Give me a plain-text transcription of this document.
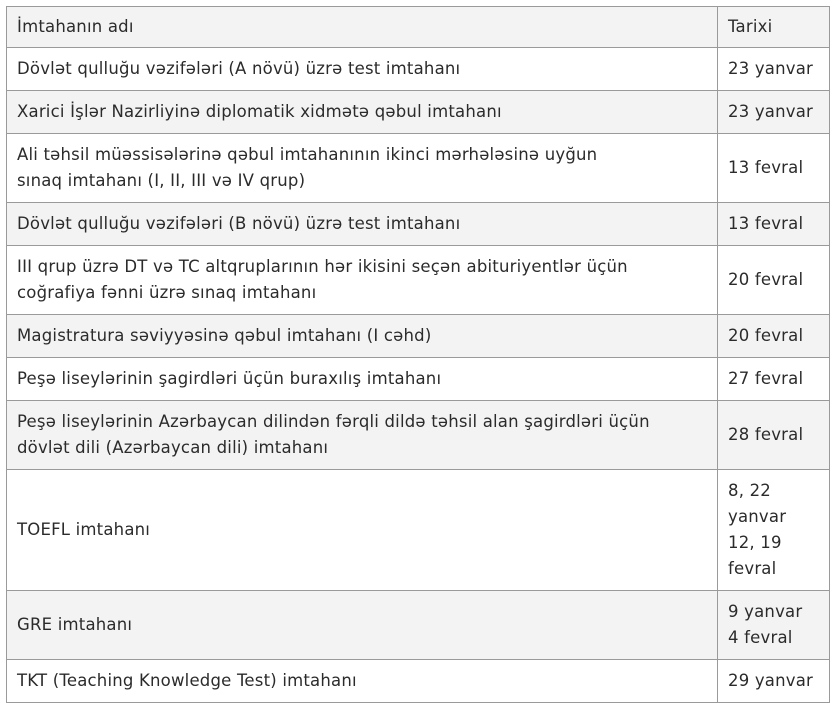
İmtahanın adı	Tarixi

Dövlət qulluğu vəzifələri (A növü) üzrə test imtahanı	23 yanvar

Xarici İşlər Nazirliyinə diplomatik xidmətə qəbul imtahanı	23 yanvar

Ali təhsil müəssisələrinə qəbul imtahanının ikinci mərhələsinə uyğun
sınaq imtahanı (I, II, III və IV qrup)	13 fevral

Dövlət qulluğu vəzifələri (B növü) üzrə test imtahanı	13 fevral

III qrup üzrə DT və TC altqruplarının hər ikisini seçən abituriyentlər üçün
coğrafiya fənni üzrə sınaq imtahanı	20 fevral

Magistratura səviyyəsinə qəbul imtahanı (I cəhd)	20 fevral

Peşə liseylərinin şagirdləri üçün buraxılış imtahanı	27 fevral

Peşə liseylərinin Azərbaycan dilindən fərqli dildə təhsil alan şagirdləri üçün
dövlət dili (Azərbaycan dili) imtahanı	28 fevral

TOEFL imtahanı	8, 22
yanvar
12, 19
fevral

GRE imtahanı	9 yanvar
4 fevral

TKT (Teaching Knowledge Test) imtahanı	29 yanvar
